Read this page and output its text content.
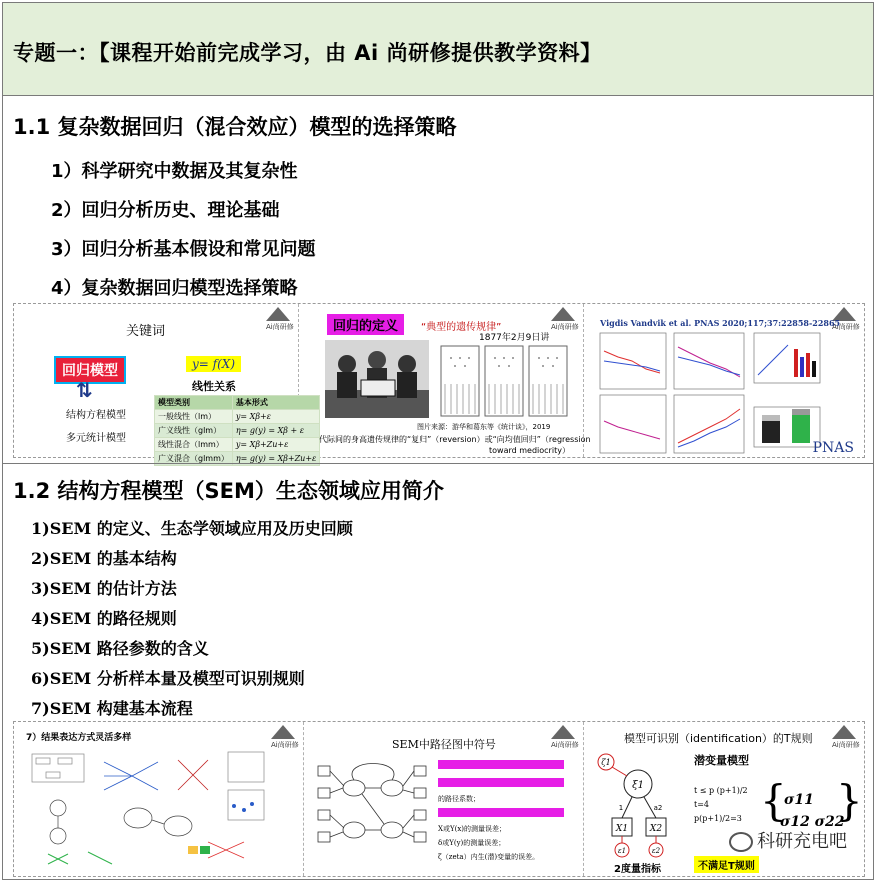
专题一：【课程开始前完成学习，由 Ai 尚研修提供教学资料】
1.1 复杂数据回归（混合效应）模型的选择策略
1）科学研究中数据及其复杂性
2）回归分析历史、理论基础
3）回归分析基本假设和常见问题
4）复杂数据回归模型选择策略
Ai尚研修
关键词
回归模型	y= f(X)
⇅
结构方程模型
多元统计模型
线性关系
模型类别	基本形式
一般线性（lm）	y= Xβ+ε
广义线性（glm）	η= g(y) = Xβ + ε
线性混合（lmm）	y= Xβ+Zu+ε
广义混合（glmm）	η= g(y) = Xβ+Zu+ε
Ai尚研修
回归的定义	“典型的遗传规律”
1877年2月9日讲
图片来源：游华和葛东等《统计谈》，2019
代际间的身高遗传规律的“复归”（reversion）或“向均值回归”（regression
toward mediocrity）
Ai尚研修
Vigdis Vandvik et al. PNAS 2020;117;37:22858-22865
PNAS
1.2 结构方程模型（SEM）生态领域应用简介
1)SEM 的定义、生态学领域应用及历史回顾
2)SEM 的基本结构
3)SEM 的估计方法
4)SEM 的路径规则
5)SEM 路径参数的含义
6)SEM 分析样本量及模型可识别规则
7)SEM 构建基本流程
Ai尚研修
7）结果表达方式灵活多样
Ai尚研修
SEM中路径图中符号
的路径系数；
X或Y(x)的测量误差；
δ或Y(y)的测量误差；
ζ（zeta）内生(潜)变量的误差。
Ai尚研修
模型可识别（identification）的T规则
潜变量模型
ξ1
ζ1
X1 X2
ε1	ε2
1	a2
t ≤ p (p+1)/2
t=4
p(p+1)/2=3 { }
σ11
σ12 σ22
2度量指标	不满足T规则
科研充电吧
